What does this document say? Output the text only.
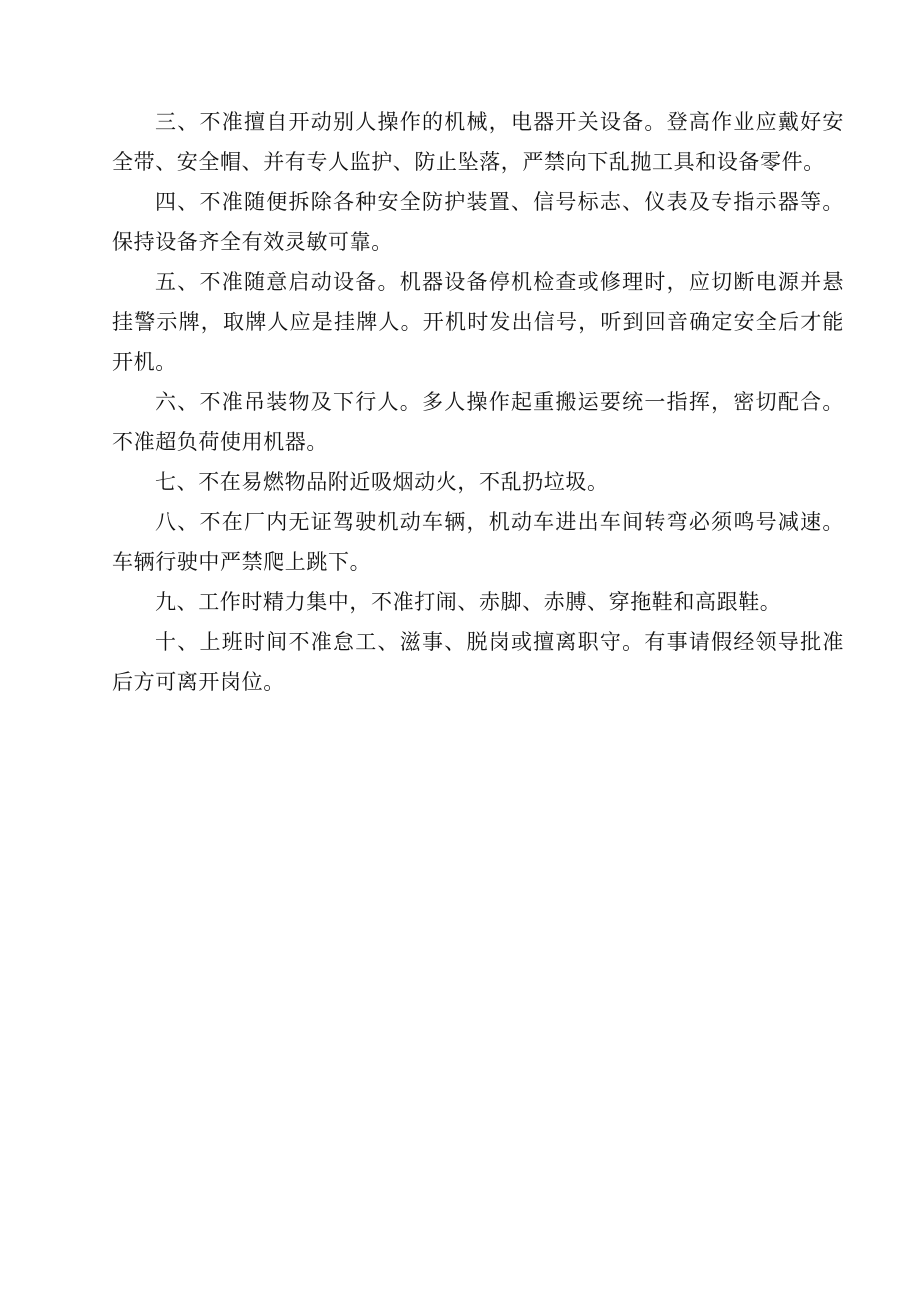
三、不准擅自开动别人操作的机械，电器开关设备。登高作业应戴好安全带、安全帽、并有专人监护、防止坠落，严禁向下乱抛工具和设备零件。

四、不准随便拆除各种安全防护装置、信号标志、仪表及专指示器等。保持设备齐全有效灵敏可靠。

五、不准随意启动设备。机器设备停机检查或修理时，应切断电源并悬挂警示牌，取牌人应是挂牌人。开机时发出信号，听到回音确定安全后才能开机。

六、不准吊装物及下行人。多人操作起重搬运要统一指挥，密切配合。不准超负荷使用机器。

七、不在易燃物品附近吸烟动火，不乱扔垃圾。

八、不在厂内无证驾驶机动车辆，机动车进出车间转弯必须鸣号减速。车辆行驶中严禁爬上跳下。

九、工作时精力集中，不准打闹、赤脚、赤膊、穿拖鞋和高跟鞋。

十、上班时间不准怠工、滋事、脱岗或擅离职守。有事请假经领导批准后方可离开岗位。
